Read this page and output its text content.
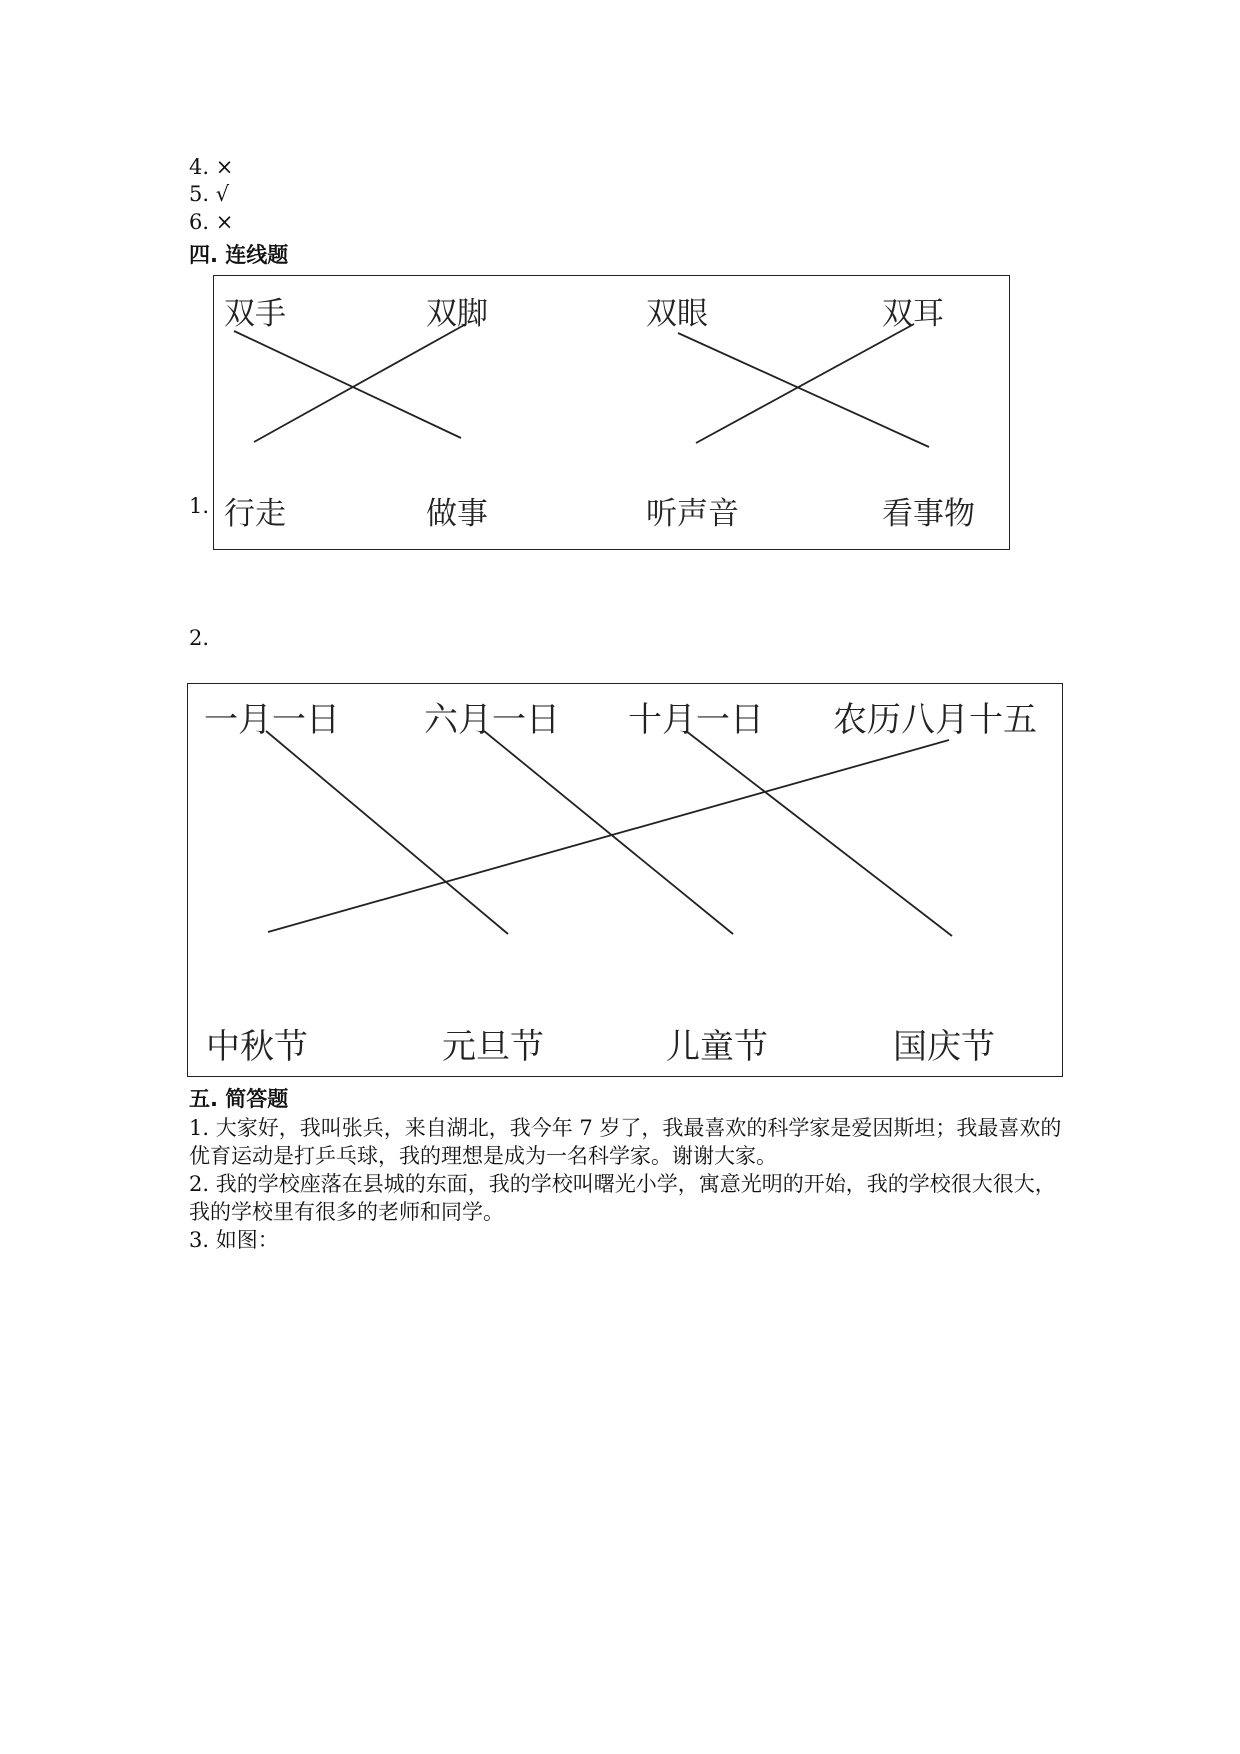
4. ×
5. √
6. ×
四. 连线题
1.
双手	双脚	双眼	双耳
行走	做事	听声音	看事物
2.
一月一日 六月一日 十月一日 农历八月十五
中秋节	元旦节	儿童节	国庆节
五. 简答题

1. 大家好，我叫张兵，来自湖北，我今年 7 岁了，我最喜欢的科学家是爱因斯坦；我最喜欢的优育运动是打乒乓球，我的理想是成为一名科学家。谢谢大家。

2. 我的学校座落在县城的东面，我的学校叫曙光小学，寓意光明的开始，我的学校很大很大，我的学校里有很多的老师和同学。

3. 如图：
